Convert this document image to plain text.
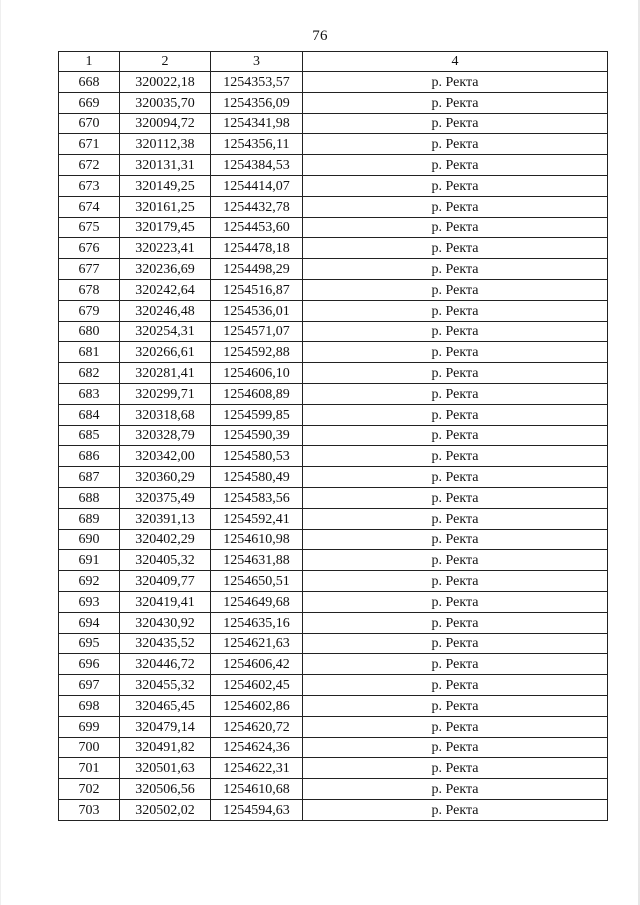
76
1	2	3	4
668	320022,18	1254353,57	р. Ректа
669	320035,70	1254356,09	р. Ректа
670	320094,72	1254341,98	р. Ректа
671	320112,38	1254356,11	р. Ректа
672	320131,31	1254384,53	р. Ректа
673	320149,25	1254414,07	р. Ректа
674	320161,25	1254432,78	р. Ректа
675	320179,45	1254453,60	р. Ректа
676	320223,41	1254478,18	р. Ректа
677	320236,69	1254498,29	р. Ректа
678	320242,64	1254516,87	р. Ректа
679	320246,48	1254536,01	р. Ректа
680	320254,31	1254571,07	р. Ректа
681	320266,61	1254592,88	р. Ректа
682	320281,41	1254606,10	р. Ректа
683	320299,71	1254608,89	р. Ректа
684	320318,68	1254599,85	р. Ректа
685	320328,79	1254590,39	р. Ректа
686	320342,00	1254580,53	р. Ректа
687	320360,29	1254580,49	р. Ректа
688	320375,49	1254583,56	р. Ректа
689	320391,13	1254592,41	р. Ректа
690	320402,29	1254610,98	р. Ректа
691	320405,32	1254631,88	р. Ректа
692	320409,77	1254650,51	р. Ректа
693	320419,41	1254649,68	р. Ректа
694	320430,92	1254635,16	р. Ректа
695	320435,52	1254621,63	р. Ректа
696	320446,72	1254606,42	р. Ректа
697	320455,32	1254602,45	р. Ректа
698	320465,45	1254602,86	р. Ректа
699	320479,14	1254620,72	р. Ректа
700	320491,82	1254624,36	р. Ректа
701	320501,63	1254622,31	р. Ректа
702	320506,56	1254610,68	р. Ректа
703	320502,02	1254594,63	р. Ректа
